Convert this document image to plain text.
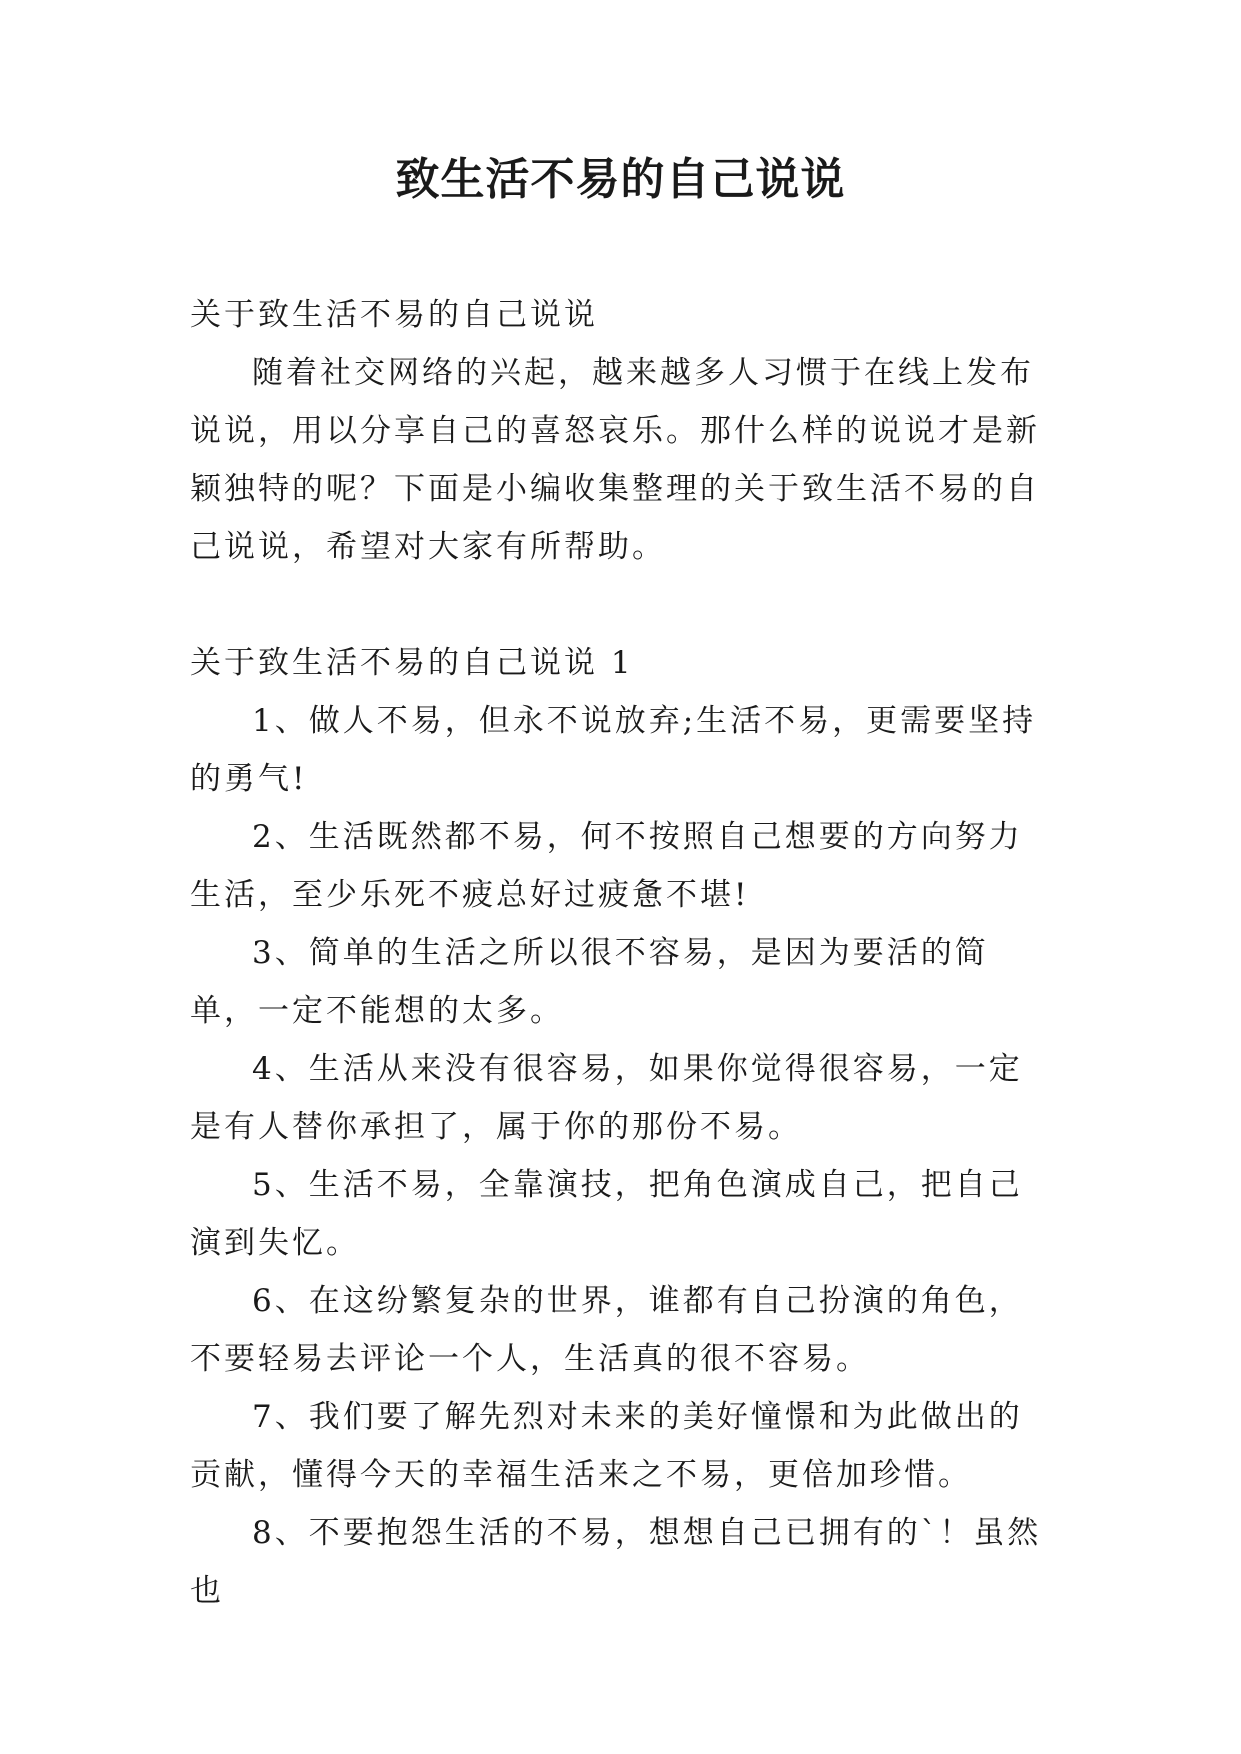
致生活不易的自己说说

关于致生活不易的自己说说

随着社交网络的兴起，越来越多人习惯于在线上发布说说，用以分享自己的喜怒哀乐。那什么样的说说才是新颖独特的呢？下面是小编收集整理的关于致生活不易的自己说说，希望对大家有所帮助。

关于致生活不易的自己说说 1

1、做人不易，但永不说放弃;生活不易，更需要坚持的勇气!

2、生活既然都不易，何不按照自己想要的方向努力生活，至少乐死不疲总好过疲惫不堪!

3、简单的生活之所以很不容易，是因为要活的简单，一定不能想的太多。

4、生活从来没有很容易，如果你觉得很容易，一定是有人替你承担了，属于你的那份不易。

5、生活不易，全靠演技，把角色演成自己，把自己演到失忆。

6、在这纷繁复杂的世界，谁都有自己扮演的角色，不要轻易去评论一个人，生活真的很不容易。

7、我们要了解先烈对未来的美好憧憬和为此做出的贡献，懂得今天的幸福生活来之不易，更倍加珍惜。

8、不要抱怨生活的不易，想想自己已拥有的`！虽然也
